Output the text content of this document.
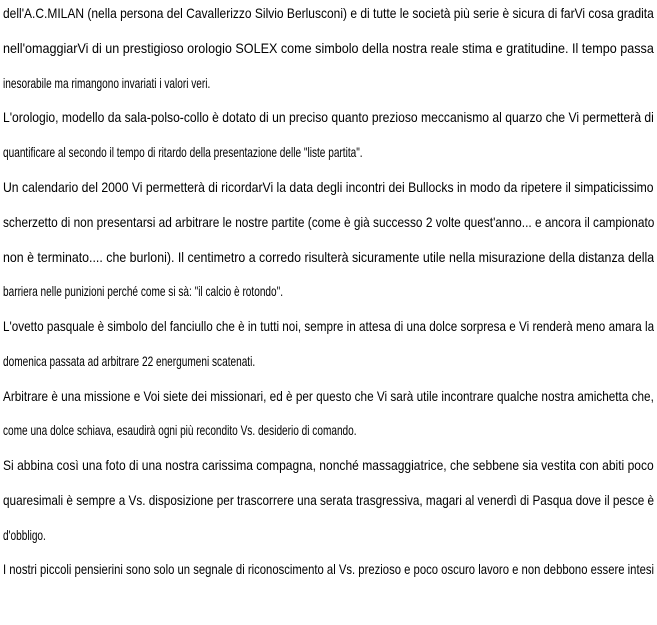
dell'A.C.MILAN (nella persona del Cavallerizzo Silvio Berlusconi) e di tutte le società più serie è sicura di farVi cosa gradita
nell'omaggiarVi di un prestigioso orologio SOLEX come simbolo della nostra reale stima e gratitudine. Il tempo passa
inesorabile ma rimangono invariati i valori veri.
L'orologio, modello da sala-polso-collo è dotato di un preciso quanto prezioso meccanismo al quarzo che Vi permetterà di
quantificare al secondo il tempo di ritardo della presentazione delle "liste partita".
Un calendario del 2000 Vi permetterà di ricordarVi la data degli incontri dei Bullocks in modo da ripetere il simpaticissimo
scherzetto di non presentarsi ad arbitrare le nostre partite (come è già successo 2 volte quest'anno... e ancora il campionato
non è terminato.... che burloni). Il centimetro a corredo risulterà sicuramente utile nella misurazione della distanza della
barriera nelle punizioni perché come si sà: "il calcio è rotondo".
L'ovetto pasquale è simbolo del fanciullo che è in tutti noi, sempre in attesa di una dolce sorpresa e Vi renderà meno amara la
domenica passata ad arbitrare 22 energumeni scatenati.
Arbitrare è una missione e Voi siete dei missionari, ed è per questo che Vi sarà utile incontrare qualche nostra amichetta che,
come una dolce schiava, esaudirà ogni più recondito Vs. desiderio di comando.
Si abbina così una foto di una nostra carissima compagna, nonché massaggiatrice, che sebbene sia vestita con abiti poco
quaresimali è sempre a Vs. disposizione per trascorrere una serata trasgressiva, magari al venerdì di Pasqua dove il pesce è
d'obbligo.
I nostri piccoli pensierini sono solo un segnale di riconoscimento al Vs. prezioso e poco oscuro lavoro e non debbono essere intesi
